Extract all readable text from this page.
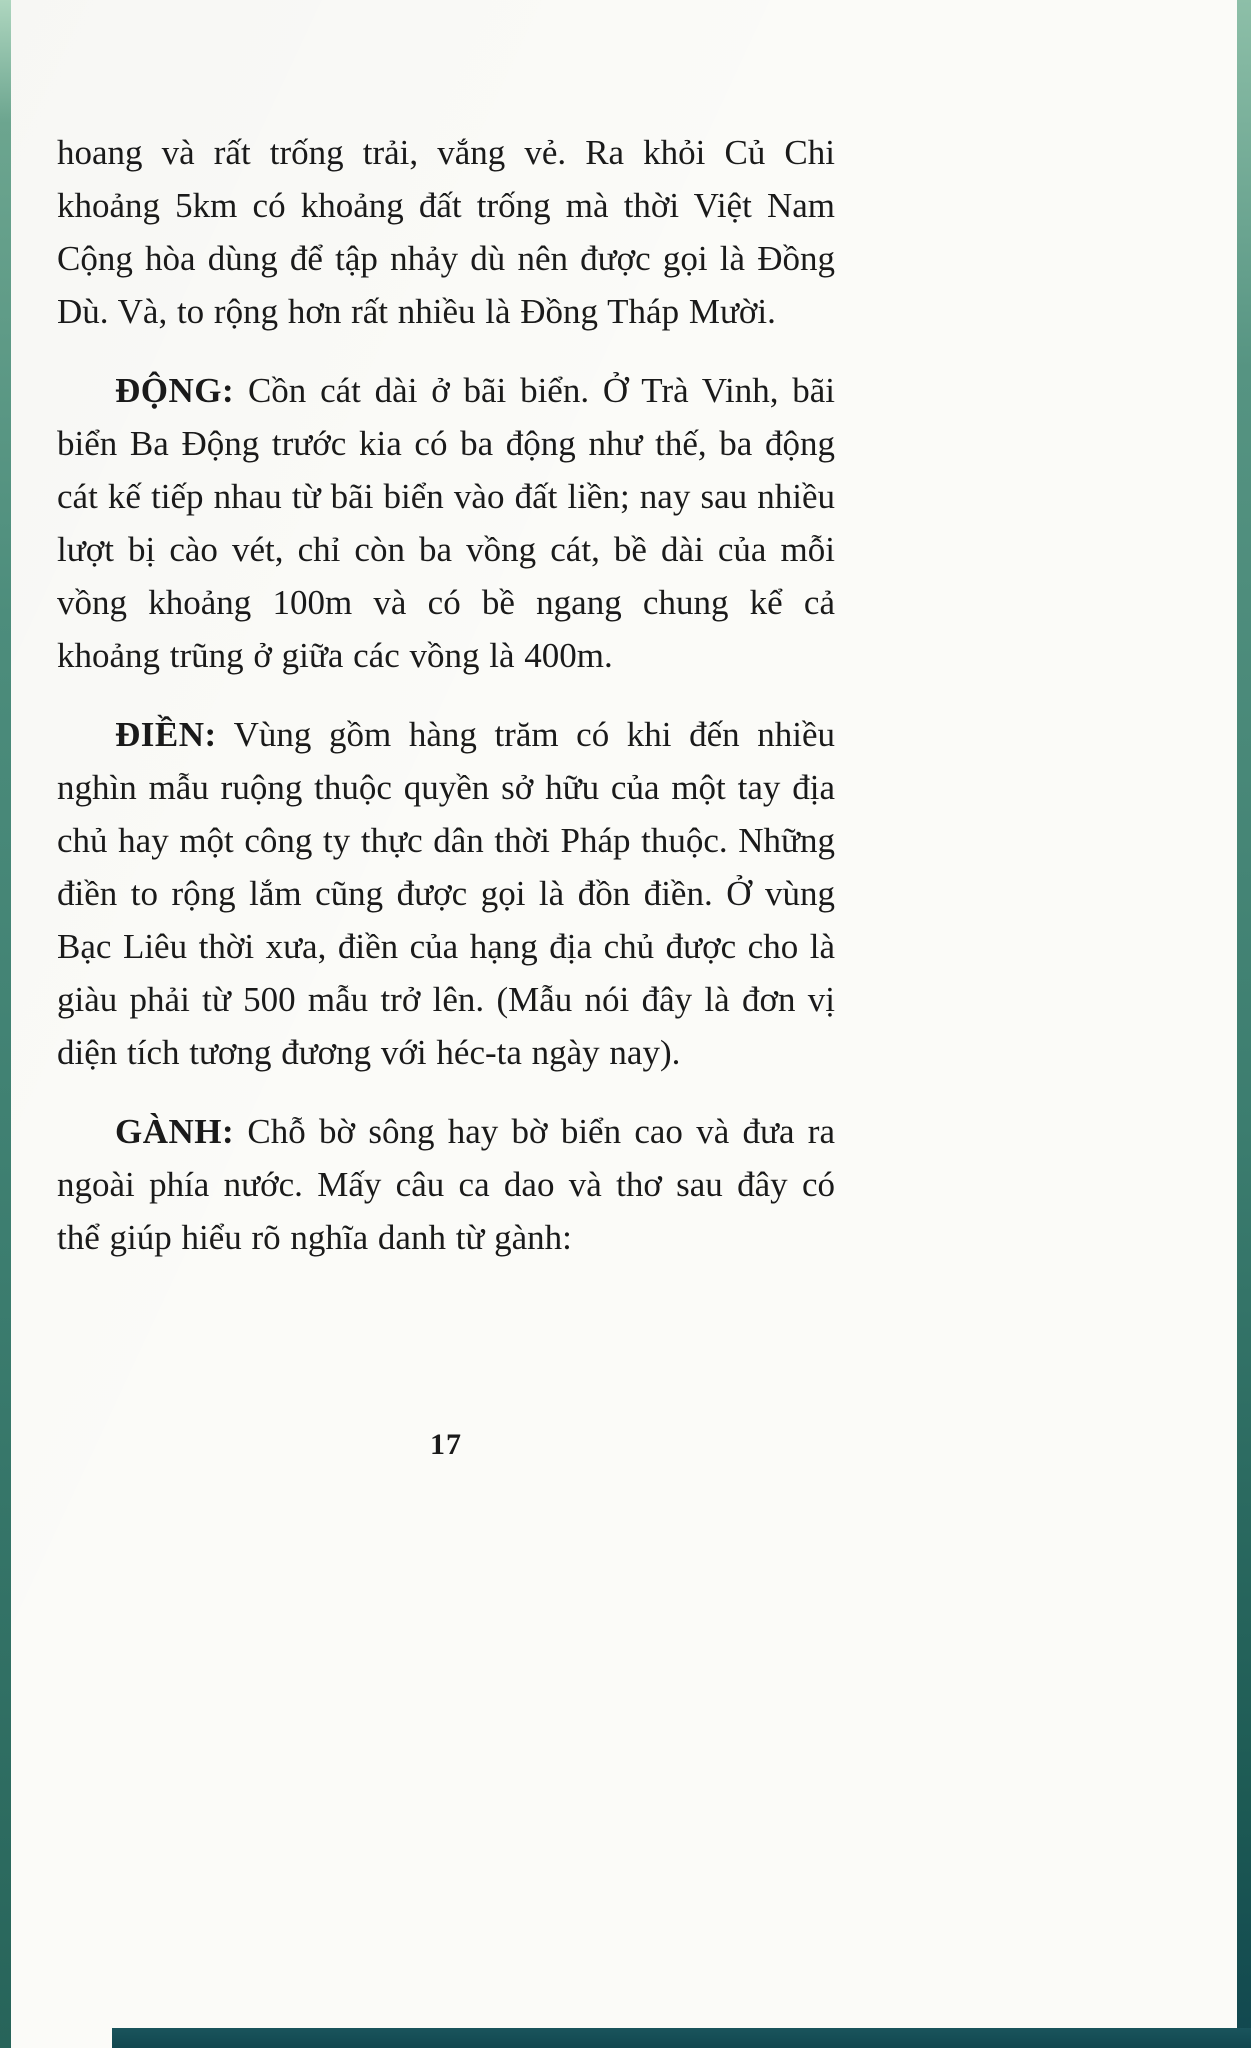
hoang và rất trống trải, vắng vẻ. Ra khỏi Củ Chi khoảng 5km có khoảng đất trống mà thời Việt Nam Cộng hòa dùng để tập nhảy dù nên được gọi là Đồng Dù. Và, to rộng hơn rất nhiều là Đồng Tháp Mười.

ĐỘNG: Cồn cát dài ở bãi biển. Ở Trà Vinh, bãi biển Ba Động trước kia có ba động như thế, ba động cát kế tiếp nhau từ bãi biển vào đất liền; nay sau nhiều lượt bị cào vét, chỉ còn ba vồng cát, bề dài của mỗi vồng khoảng 100m và có bề ngang chung kể cả khoảng trũng ở giữa các vồng là 400m.

ĐIỀN: Vùng gồm hàng trăm có khi đến nhiều nghìn mẫu ruộng thuộc quyền sở hữu của một tay địa chủ hay một công ty thực dân thời Pháp thuộc. Những điền to rộng lắm cũng được gọi là đồn điền. Ở vùng Bạc Liêu thời xưa, điền của hạng địa chủ được cho là giàu phải từ 500 mẫu trở lên. (Mẫu nói đây là đơn vị diện tích tương đương với héc-ta ngày nay).

GÀNH: Chỗ bờ sông hay bờ biển cao và đưa ra ngoài phía nước. Mấy câu ca dao và thơ sau đây có thể giúp hiểu rõ nghĩa danh từ gành:

17
